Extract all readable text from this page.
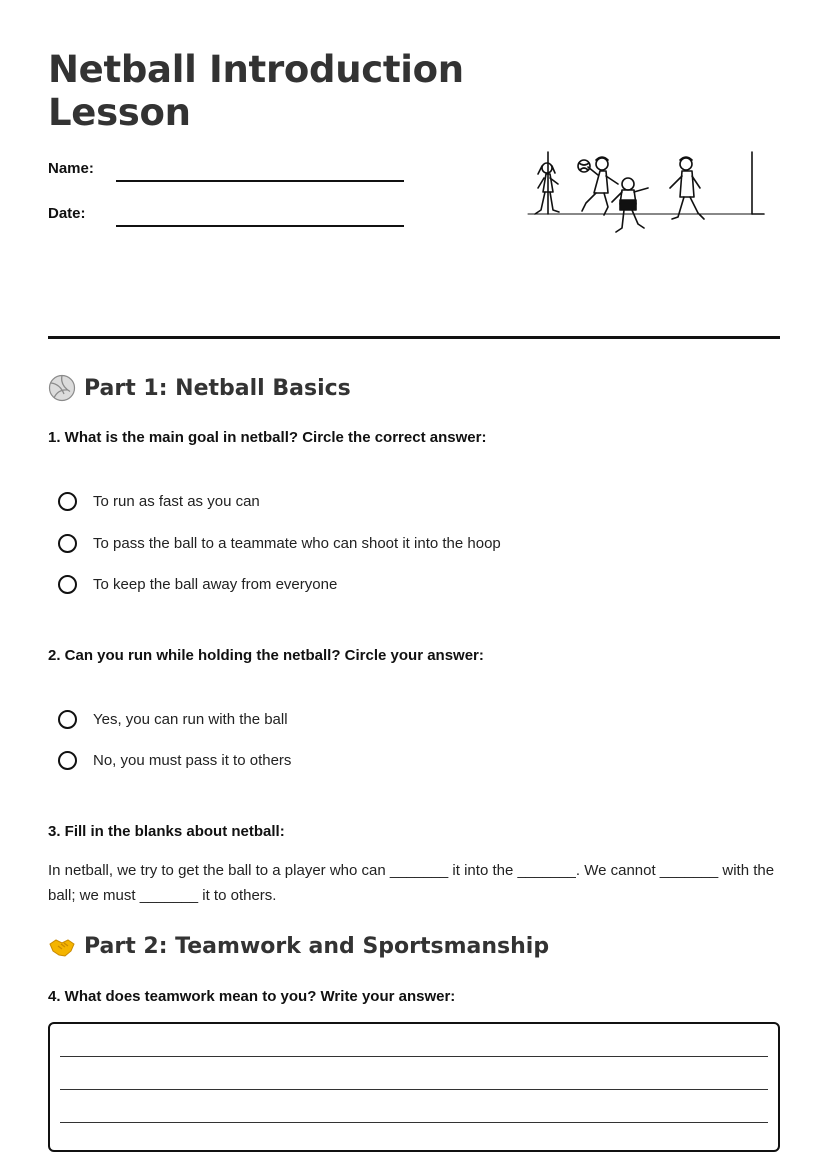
Netball Introduction Lesson
Name:
Date:
Part 1: Netball Basics

1. What is the main goal in netball? Circle the correct answer:

To run as fast as you can
To pass the ball to a teammate who can shoot it into the hoop
To keep the ball away from everyone

2. Can you run while holding the netball? Circle your answer:

Yes, you can run with the ball
No, you must pass it to others

3. Fill in the blanks about netball:

In netball, we try to get the ball to a player who can _______ it into the _______. We cannot _______ with the ball; we must _______ it to others.

Part 2: Teamwork and Sportsmanship

4. What does teamwork mean to you? Write your answer:
